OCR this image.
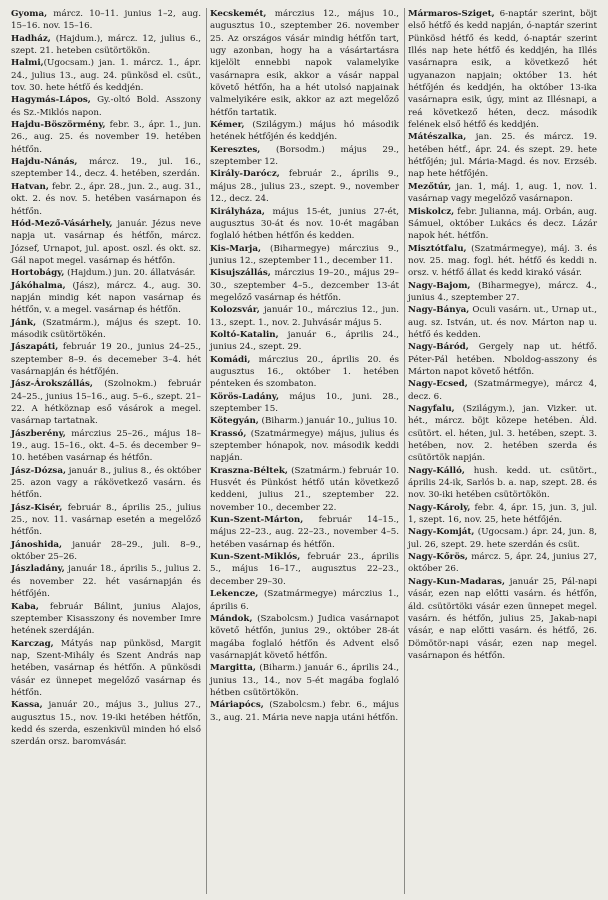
Gyoma, márcz. 10–11. junius 1–2, aug. 15–16. nov. 15–16.

Hadház, (Hajdum.), márcz. 12, julius 6., szept. 21. heteben csütörtökön.

Halmi,(Ugocsam.) jan. 1. márcz. 1., ápr. 24., julius 13., aug. 24. pünkösd el. csüt., tov. 30. hete hétfő és keddjén.

Hagymás-Lápos, Gy.-oltó Bold. Asszony és Sz.-Miklós napon.

Hajdu-Böszörmény, febr. 3., ápr. 1., jun. 26., aug. 25. és november 19. hetében hétfőn.

Hajdu-Nánás, márcz. 19., jul. 16., szeptember 14., decz. 4. hetében, szerdán.

Hatvan, febr. 2., ápr. 28., jun. 2., aug. 31., okt. 2. és nov. 5. hetében vasárnapon és hétfőn.

Hód-Mező-Vásárhely, január. Jézus neve napja ut. vasárnap és hétfőn, márcz. József, Urnapot, jul. apost. oszl. és okt. sz. Gál napot megel. vasárnap és hétfőn.

Hortobágy, (Hajdum.) jun. 20. állatvásár.

Jákóhalma, (Jász), márcz. 4., aug. 30. napján mindig két napon vasárnap és hétfőn, v. a megel. vasárnap és hétfőn.

Jánk, (Szatmárm.), május és szept. 10. második csütörtökén.

Jászapáti, február 19 20., junius 24–25., szeptember 8–9. és decemeber 3–4. hét vasárnapján és hétfőjén.

Jász-Árokszállás, (Szolnokm.) február 24–25., junius 15–16., aug. 5–6., szept. 21–22. A hétköznap eső vásárok a megel. vasárnap tartatnak.

Jászberény, márczius 25–26., május 18–19., aug. 15–16., okt. 4–5. és december 9–10. hetében vasárnap és hétfőn.

Jász-Dózsa, január 8., julius 8., és október 25. azon vagy a rákövetkező vasárn. és hétfőn.

Jász-Kisér, február 8., április 25., julius 25., nov. 11. vasárnap esetén a megelőző hétfőn.

Jánoshida, január 28–29., juli. 8–9., október 25–26.

Jászladány, január 18., április 5., julius 2. és november 22. hét vasárnapján és hétfőjén.

Kaba, február Bálint, junius Alajos, szeptember Kisasszony és november Imre hetének szerdáján.

Karczag, Mátyás nap pünkösd, Margit nap, Szent-Mihály és Szent András nap hetében, vasárnap és hétfőn. A pünkösdi vásár ez ünnepet megelőző vasárnap és hétfőn.

Kassa, január 20., május 3., julius 27., augusztus 15., nov. 19-iki hetében hétfőn, kedd és szerda, eszenkivül minden hó első szerdán orsz. baromvásár.

Kecskemét, márczius 12., május 10., augusztus 10., szeptember 26. november 25. Az országos vásár mindig hétfőn tart, ugy azonban, hogy ha a vásártartásra kijelölt ennebbi napok valamelyike vasárnapra esik, akkor a vásár nappal követő hétfőn, ha a hét utolsó napjainak valmelyikére esik, akkor az azt megelőző hétfőn tartatik.

Kémer, (Szilágym.) május hó második hetének hétfőjén és keddjén.

Keresztes, (Borsodm.) május 29., szeptember 12.

Király-Darócz, február 2., április 9., május 28., julius 23., szept. 9., november 12., decz. 24.

Királyháza, május 15-ét, junius 27-ét, augusztus 30-át és nov. 10-ét magában foglaló hétben hétfőn és kedden.

Kis-Marja, (Biharmegye) márczius 9., junius 12., szeptember 11., december 11.

Kisujszállás, márczius 19–20., május 29–30., szeptember 4–5., dezcember 13-át megelőző vasárnap és hétfőn.

Kolozsvár, január 10., márczius 12., jun. 13., szept. 1., nov. 2. Juhvásár május 5.

Koltó-Katalin, január 6., április 24., junius 24., szept. 29.

Komádi, márczius 20., április 20. és augusztus 16., október 1. hetében pénteken és szombaton.

Körös-Ladány, május 10., juni. 28., szeptember 15.

Kötegyán, (Biharm.) január 10., julius 10.

Krassó, (Szatmármegye) május, julius és szeptember hónapok, nov. második keddi napján.

Kraszna-Béltek, (Szatmárm.) február 10. Husvét és Pünkóst hétfő után következő keddeni, julius 21., szeptember 22. november 10., december 22.

Kun-Szent-Márton, február 14–15., május 22–23., aug. 22–23., november 4–5. hetében vasárnap és hétfőn.

Kun-Szent-Miklós, február 23., április 5., május 16–17., augusztus 22–23., december 29–30.

Lekencze, (Szatmármegye) márczius 1., április 6.

Mándok, (Szabolcsm.) Judica vasárnapot követő hétfőn, junius 29., október 28-át magába foglaló hétfőn és Advent első vasárnapját követő hétfőn.

Margitta, (Biharm.) január 6., április 24., junius 13., 14., nov 5-ét magába foglaló hétben csütörtökön.

Máriapócs, (Szabolcsm.) febr. 6., május 3., aug. 21. Mária neve napja utáni hétfőn.

Mármaros-Sziget, 6-naptár szerint, böjt első hétfő és kedd napján, ó-naptár szerint Pünkösd hétfő és kedd, ó-naptár szerint Illés nap hete hétfő és keddjén, ha Illés vasárnapra esik, a következő hét ugyanazon napjain; október 13. hét hétfőjén és keddjén, ha október 13-ika vasárnapra esik, úgy, mint az Illésnapi, a reá következő héten, decz. második felének első hétfő és keddjén.

Mátészalka, jan. 25. és márcz. 19. hetében hétf., ápr. 24. és szept. 29. hete hétfőjén; jul. Mária-Magd. és nov. Erzséb. nap hete hétfőjén.

Mezőtúr, jan. 1, máj. 1, aug. 1, nov. 1. vasárnap vagy megelőző vasárnapon.

Miskolcz, febr. Julianna, máj. Orbán, aug. Sámuel, október Lukács és decz. Lázár napok hét. hétfőn.

Misztótfalu, (Szatmármegye), máj. 3. és nov. 25. mag. fogl. hét. hétfő és keddi n. orsz. v. hétfő állat és kedd kirakó vásár.

Nagy-Bajom, (Biharmegye), márcz. 4., junius 4., szeptember 27.

Nagy-Bánya, Oculi vasárn. ut., Urnap ut., aug. sz. István, ut. és nov. Márton nap u. hétfő és kedden.

Nagy-Báród, Gergely nap ut. hétfő. Péter-Pál hetében. Nboldog-asszony és Márton napot követő hétfőn.

Nagy-Ecsed, (Szatmármegye), márcz 4, decz. 6.

Nagyfalu, (Szilágym.), jan. Vizker. ut. hét., márcz. böjt közepe hetében. Áld. csütört. el. héten, jul. 3. hetében, szept. 3. hetében, nov. 2. hetében szerda és csütörtök napján.

Nagy-Kálló, hush. kedd. ut. csütört., április 24-ik, Sarlós b. a. nap, szept. 28. és nov. 30-iki hetében csütörtökön.

Nagy-Károly, febr. 4, ápr. 15, jun. 3, jul. 1, szept. 16, nov. 25, hete hétfőjén.

Nagy-Komját, (Ugocsam.) ápr. 24, jun. 8, jul. 26, szept. 29. hete szerdán és csüt.

Nagy-Kőrös, márcz. 5, ápr. 24, junius 27, október 26.

Nagy-Kun-Madaras, január 25, Pál-napi vásár, ezen nap előtti vasárn. és hétfőn, áld. csütörtöki vásár ezen ünnepet megel. vasárn. és hétfőn, julius 25, Jakab-napi vásár, e nap előtti vasárn. és hétfő, 26. Dömötör-napi vásár, ezen nap megel. vasárnapon és hétfőn.
